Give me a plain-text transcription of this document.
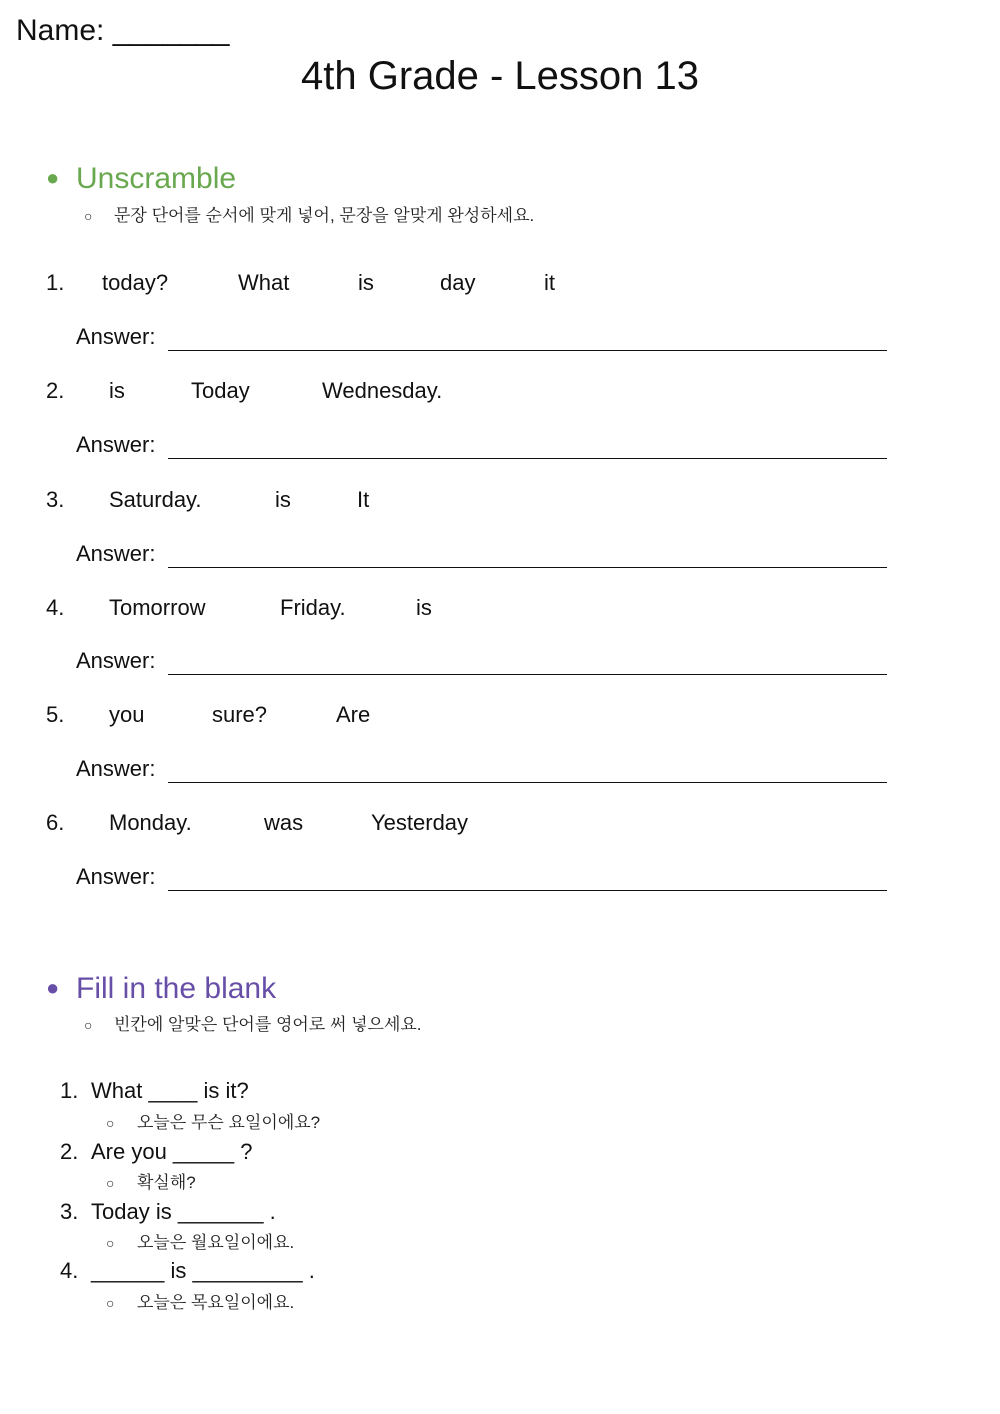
Name: _______
4th Grade - Lesson 13
● Unscramble
○ 문장 단어를 순서에 맞게 넣어, 문장을 알맞게 완성하세요.
1. today?	What	is	day	it
Answer:
2. is	Today	Wednesday.
Answer:
3. Saturday.	is	It
Answer:
4. Tomorrow	Friday.	is
Answer:
5. you	sure?	Are
Answer:
6. Monday.	was	Yesterday
Answer:
● Fill in the blank
○ 빈칸에 알맞은 단어를 영어로 써 넣으세요.
1. What ____ is it?
○ 오늘은 무슨 요일이에요?
2. Are you _____ ?
○ 확실해?
3. Today is _______ .
○ 오늘은 월요일이에요.
4. ______ is _________ .
○ 오늘은 목요일이에요.
